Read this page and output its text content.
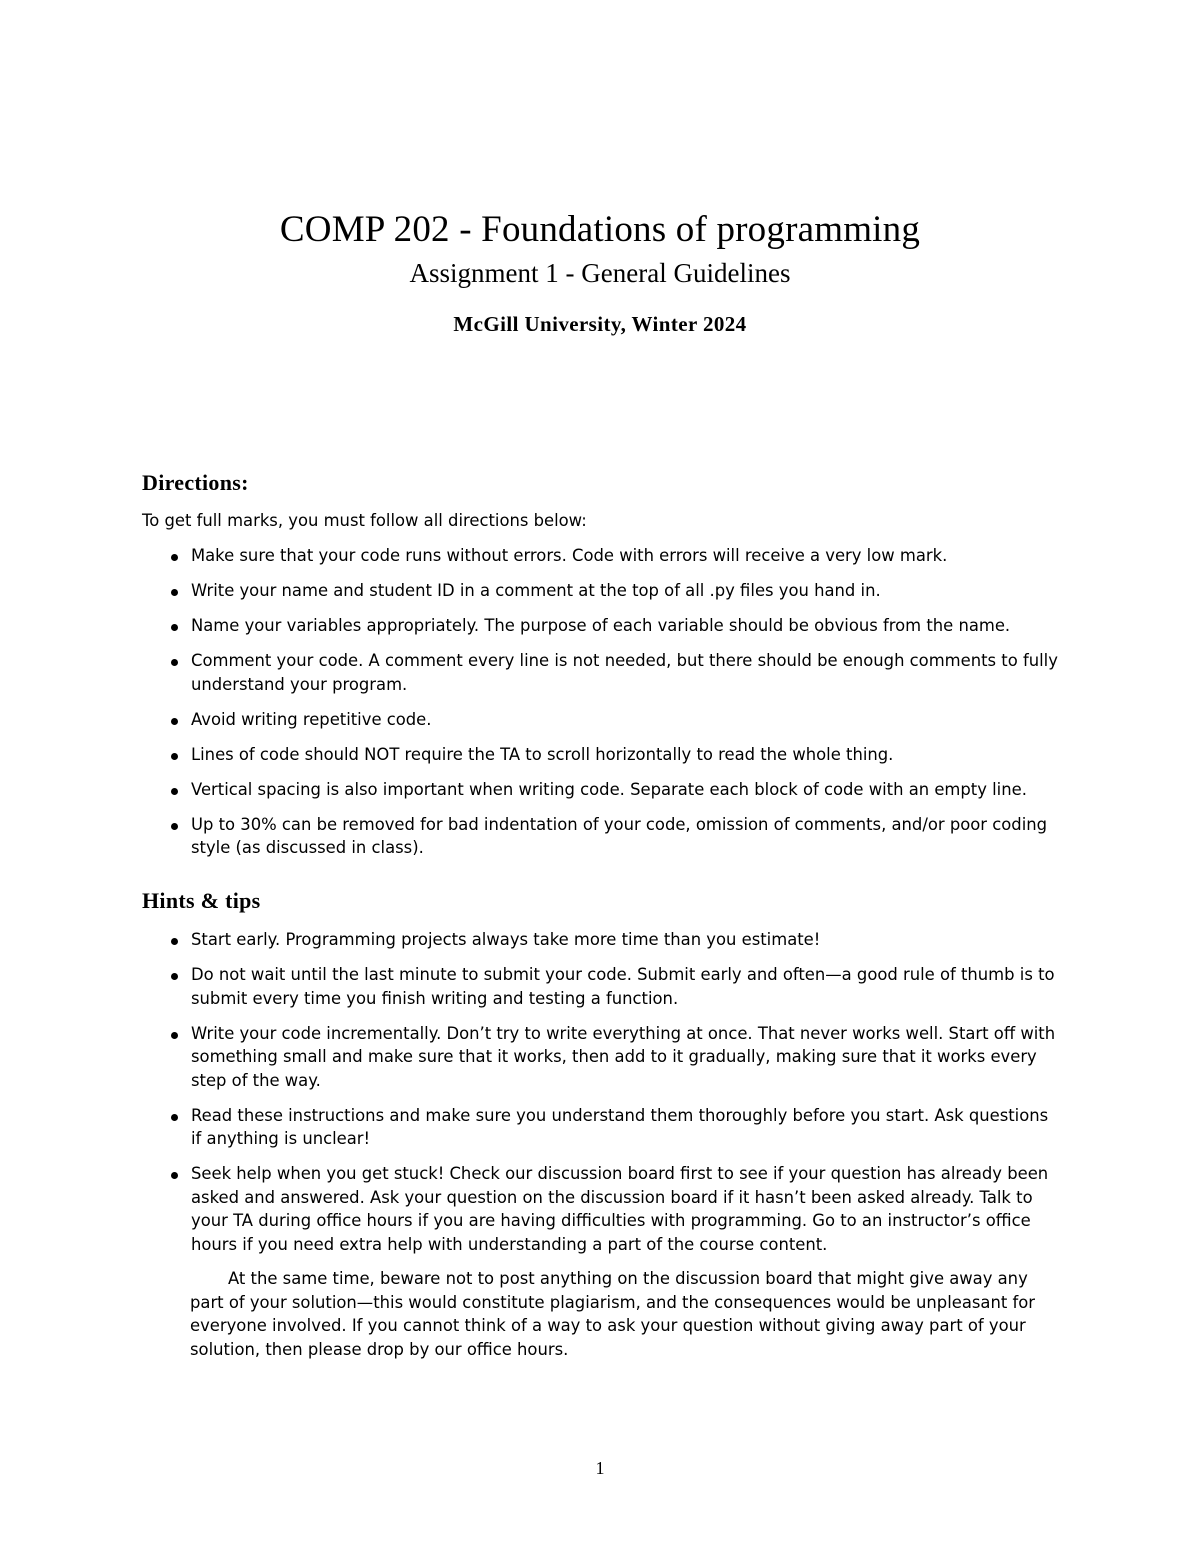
COMP 202 - Foundations of programming
Assignment 1 - General Guidelines
McGill University, Winter 2024
Directions:
To get full marks, you must follow all directions below:
Make sure that your code runs without errors. Code with errors will receive a very low mark.
Write your name and student ID in a comment at the top of all .py files you hand in.
Name your variables appropriately. The purpose of each variable should be obvious from the name.
Comment your code. A comment every line is not needed, but there should be enough comments to fully understand your program.
Avoid writing repetitive code.
Lines of code should NOT require the TA to scroll horizontally to read the whole thing.
Vertical spacing is also important when writing code. Separate each block of code with an empty line.
Up to 30% can be removed for bad indentation of your code, omission of comments, and/or poor coding style (as discussed in class).
Hints & tips
Start early. Programming projects always take more time than you estimate!
Do not wait until the last minute to submit your code. Submit early and often—a good rule of thumb is to submit every time you finish writing and testing a function.
Write your code incrementally. Don’t try to write everything at once. That never works well. Start off with something small and make sure that it works, then add to it gradually, making sure that it works every step of the way.
Read these instructions and make sure you understand them thoroughly before you start. Ask questions if anything is unclear!
Seek help when you get stuck! Check our discussion board first to see if your question has already been asked and answered. Ask your question on the discussion board if it hasn’t been asked already. Talk to your TA during office hours if you are having difficulties with programming. Go to an instructor’s office hours if you need extra help with understanding a part of the course content.
At the same time, beware not to post anything on the discussion board that might give away any part of your solution—this would constitute plagiarism, and the consequences would be unpleasant for everyone involved. If you cannot think of a way to ask your question without giving away part of your solution, then please drop by our office hours.
1
